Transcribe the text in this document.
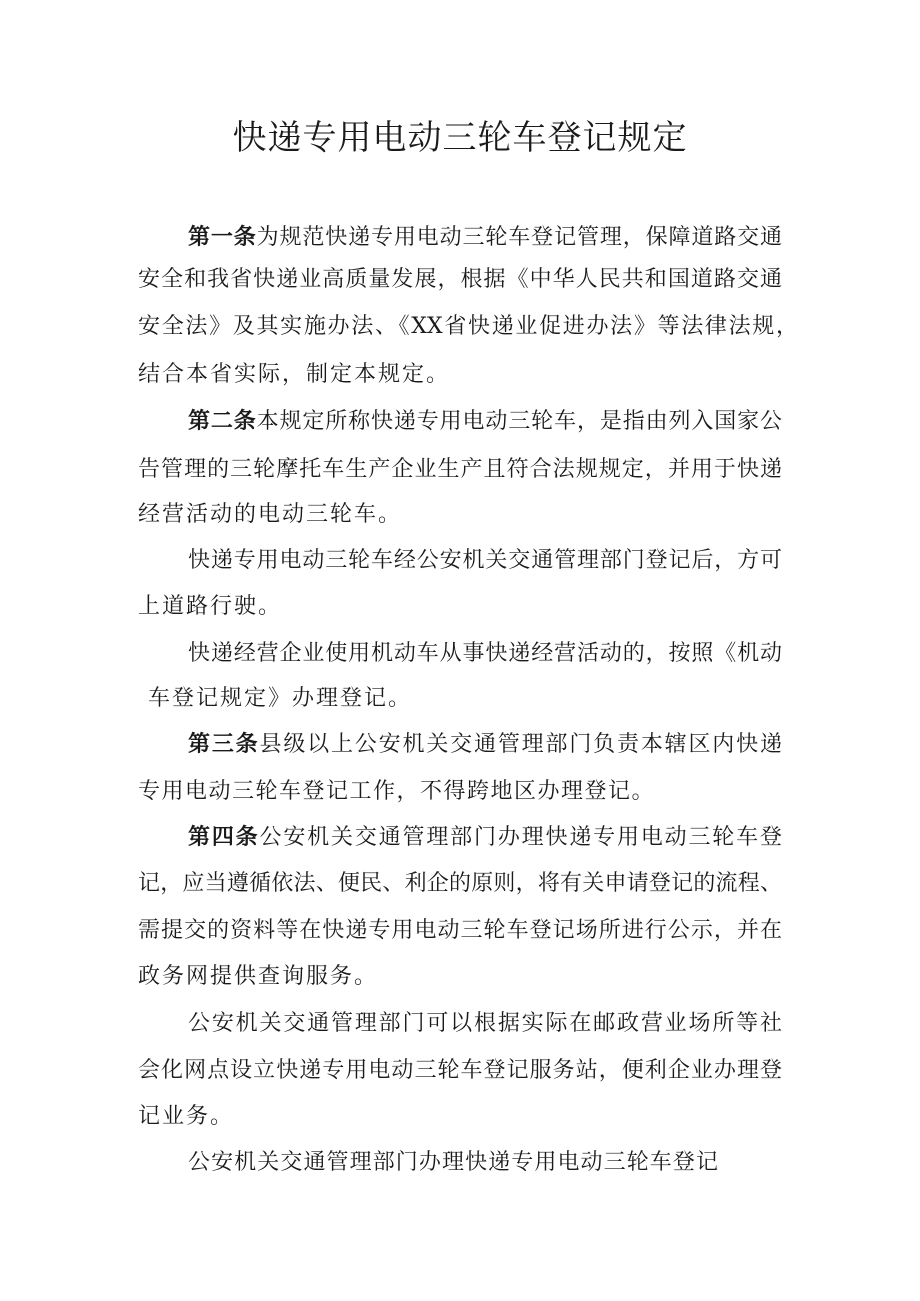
快递专用电动三轮车登记规定
第一条为规范快递专用电动三轮车登记管理，保障道路交通
安全和我省快递业高质量发展，根据《中华人民共和国道路交通
安全法》及其实施办法、《XX省快递业促进办法》等法律法规，
结合本省实际，制定本规定。
第二条本规定所称快递专用电动三轮车，是指由列入国家公
告管理的三轮摩托车生产企业生产且符合法规规定，并用于快递
经营活动的电动三轮车。
快递专用电动三轮车经公安机关交通管理部门登记后，方可
上道路行驶。
快递经营企业使用机动车从事快递经营活动的，按照《机动
车登记规定》办理登记。
第三条县级以上公安机关交通管理部门负责本辖区内快递
专用电动三轮车登记工作，不得跨地区办理登记。
第四条公安机关交通管理部门办理快递专用电动三轮车登
记，应当遵循依法、便民、利企的原则，将有关申请登记的流程、
需提交的资料等在快递专用电动三轮车登记场所进行公示，并在
政务网提供查询服务。
公安机关交通管理部门可以根据实际在邮政营业场所等社
会化网点设立快递专用电动三轮车登记服务站，便利企业办理登
记业务。
公安机关交通管理部门办理快递专用电动三轮车登记
